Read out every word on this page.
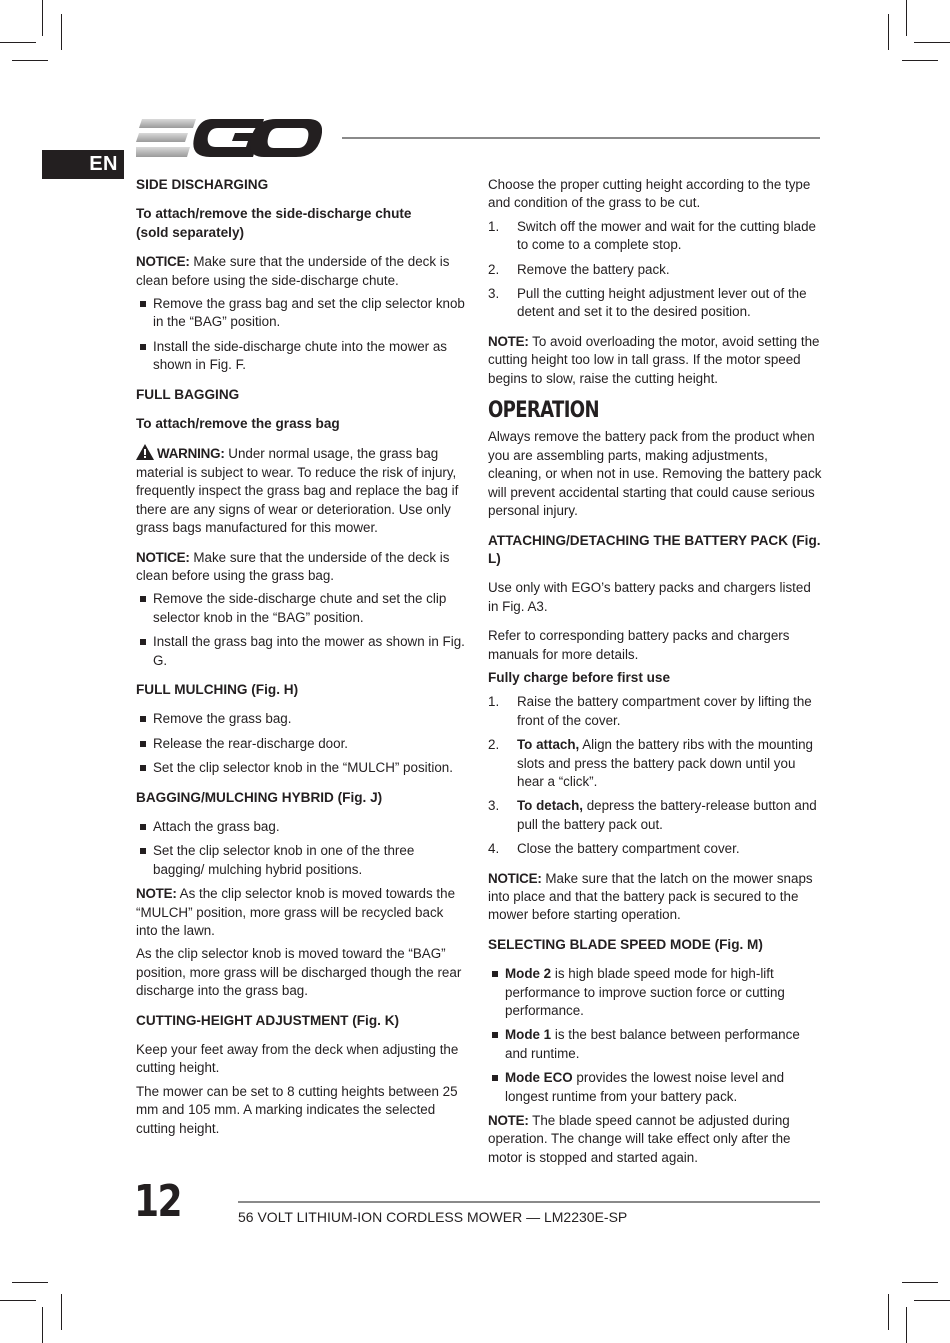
EN
SIDE DISCHARGING
To attach/remove the side-discharge chute
(sold separately)

NOTICE: Make sure that the underside of the deck is clean before using the side-discharge chute.

Remove the grass bag and set the clip selector knob in the “BAG” position.
Install the side-discharge chute into the mower as shown in Fig. F.
FULL BAGGING
To attach/remove the grass bag

WARNING: Under normal usage, the grass bag material is subject to wear. To reduce the risk of injury, frequently inspect the grass bag and replace the bag if there are any signs of wear or deterioration. Use only grass bags manufactured for this mower.

NOTICE: Make sure that the underside of the deck is clean before using the grass bag.

Remove the side-discharge chute and set the clip selector knob in the “BAG” position.
Install the grass bag into the mower as shown in Fig. G.
FULL MULCHING (Fig. H)
Remove the grass bag.
Release the rear-discharge door.
Set the clip selector knob in the “MULCH” position.
BAGGING/MULCHING HYBRID (Fig. J)
Attach the grass bag.
Set the clip selector knob in one of the three bagging/ mulching hybrid positions.

NOTE: As the clip selector knob is moved towards the “MULCH” position, more grass will be recycled back into the lawn.

As the clip selector knob is moved toward the “BAG” position, more grass will be discharged though the rear discharge into the grass bag.

CUTTING-HEIGHT ADJUSTMENT (Fig. K)

Keep your feet away from the deck when adjusting the cutting height.

The mower can be set to 8 cutting heights between 25 mm and 105 mm. A marking indicates the selected cutting height.

Choose the proper cutting height according to the type and condition of the grass to be cut.

1. Switch off the mower and wait for the cutting blade to come to a complete stop.
2. Remove the battery pack.
3. Pull the cutting height adjustment lever out of the detent and set it to the desired position.

NOTE: To avoid overloading the motor, avoid setting the cutting height too low in tall grass. If the motor speed begins to slow, raise the cutting height.

OPERATION

Always remove the battery pack from the product when you are assembling parts, making adjustments, cleaning, or when not in use. Removing the battery pack will prevent accidental starting that could cause serious personal injury.

ATTACHING/DETACHING THE BATTERY PACK (Fig. L)

Use only with EGO’s battery packs and chargers listed in Fig. A3.

Refer to corresponding battery packs and chargers manuals for more details.

Fully charge before first use
1. Raise the battery compartment cover by lifting the front of the cover.
2. To attach, Align the battery ribs with the mounting slots and press the battery pack down until you hear a “click”.
3. To detach, depress the battery-release button and pull the battery pack out.
4. Close the battery compartment cover.

NOTICE: Make sure that the latch on the mower snaps into place and that the battery pack is secured to the mower before starting operation.

SELECTING BLADE SPEED MODE (Fig. M)
Mode 2 is high blade speed mode for high-lift performance to improve suction force or cutting performance.
Mode 1 is the best balance between performance and runtime.
Mode ECO provides the lowest noise level and longest runtime from your battery pack.

NOTE: The blade speed cannot be adjusted during operation. The change will take effect only after the motor is stopped and started again.

12	56 VOLT LITHIUM-ION CORDLESS MOWER — LM2230E-SP
